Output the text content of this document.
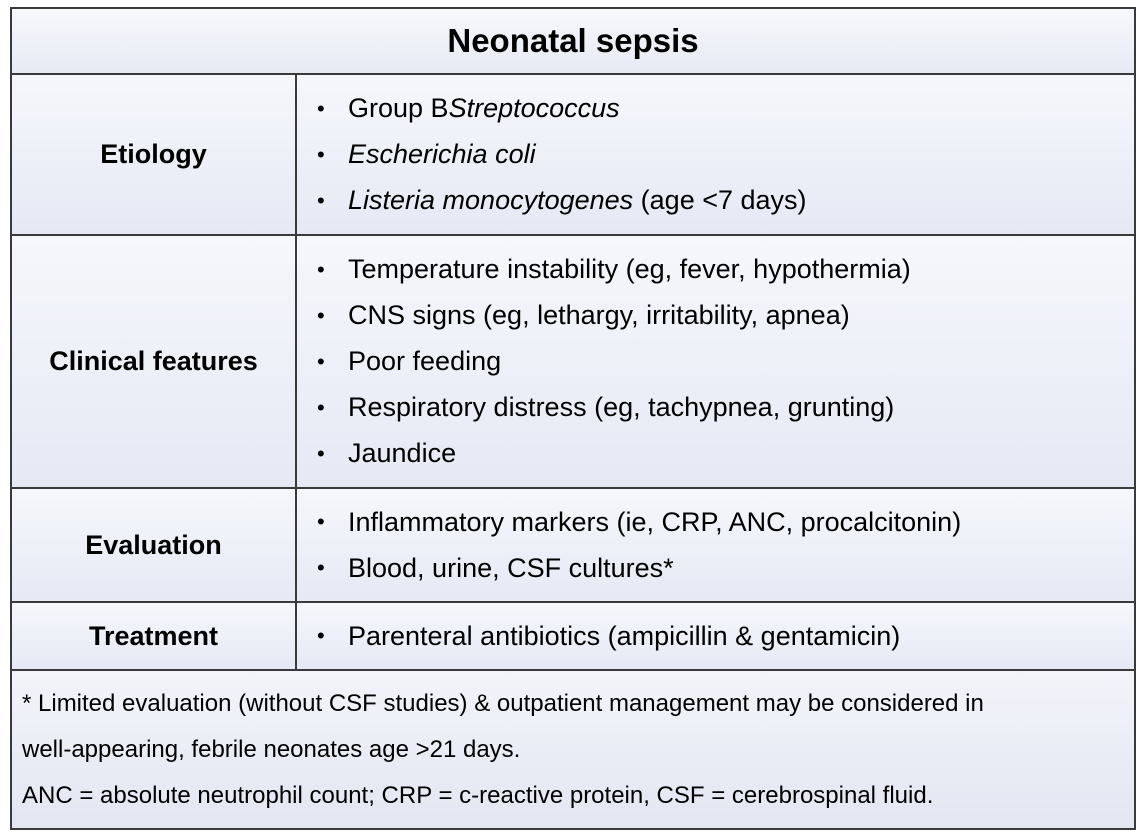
Neonatal sepsis
Etiology
• Group B Streptococcus
• Escherichia coli
• Listeria monocytogenes (age <7 days)
Clinical features
• Temperature instability (eg, fever, hypothermia)
• CNS signs (eg, lethargy, irritability, apnea)
• Poor feeding
• Respiratory distress (eg, tachypnea, grunting)
• Jaundice
Evaluation
• Inflammatory markers (ie, CRP, ANC, procalcitonin)
• Blood, urine, CSF cultures*
Treatment	• Parenteral antibiotics (ampicillin & gentamicin)
* Limited evaluation (without CSF studies) & outpatient management may be considered in
well-appearing, febrile neonates age >21 days.
ANC = absolute neutrophil count; CRP = c-reactive protein, CSF = cerebrospinal fluid.
